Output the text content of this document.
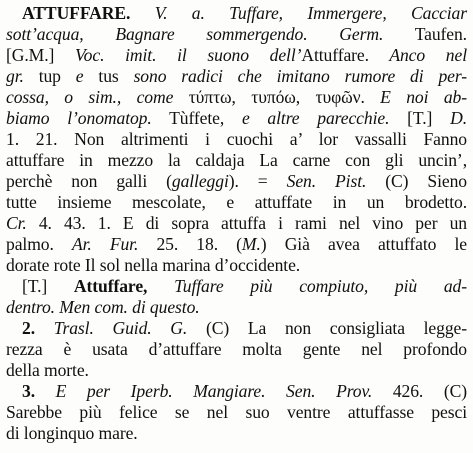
ATTUFFARE. V. a. Tuffare, Immergere, Cacciar
sott’acqua, Bagnare sommergendo. Germ. Taufen.
[G.M.] Voc. imit. il suono dell’Attuffare. Anco nel
gr. tup e tus sono radici che imitano rumore di per-
cossa, o sim., come τύπτω, τυπόω, τυφῶν. E noi ab-
biamo l’onomatop. Tùffete, e altre parecchie. [T.] D.
1. 21. Non altrimenti i cuochi a’ lor vassalli Fanno
attuffare in mezzo la caldaja La carne con gli uncin’,
perchè non galli (galleggi). = Sen. Pist. (C) Sieno
tutte insieme mescolate, e attuffate in un brodetto.
Cr. 4. 43. 1. E di sopra attuffa i rami nel vino per un
palmo. Ar. Fur. 25. 18. (M.) Già avea attuffato le
dorate rote Il sol nella marina d’occidente.
[T.] Attuffare, Tuffare più compiuto, più ad-
dentro. Men com. di questo.
2. Trasl. Guid. G. (C) La non consigliata legge-
rezza è usata d’attuffare molta gente nel profondo
della morte.
3. E per Iperb. Mangiare. Sen. Prov. 426. (C)
Sarebbe più felice se nel suo ventre attuffasse pesci
di longinquo mare.
